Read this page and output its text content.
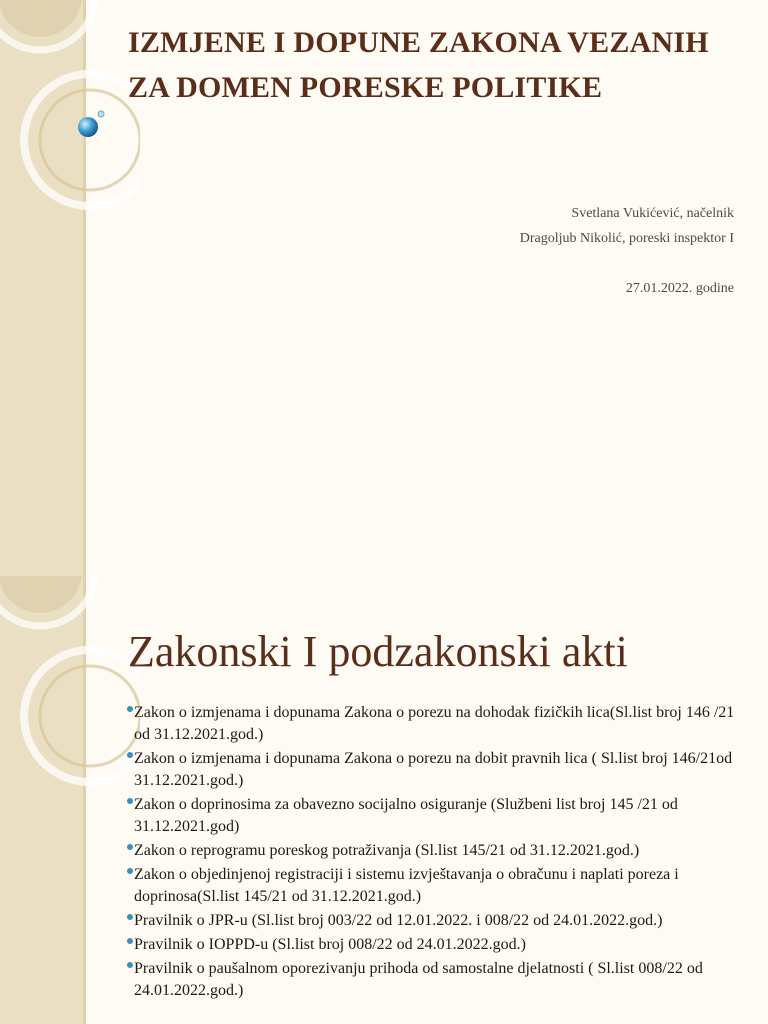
IZMJENE I DOPUNE ZAKONA VEZANIH ZA DOMEN PORESKE POLITIKE
Svetlana Vukićević, načelnik
Dragoljub Nikolić, poreski inspektor I
27.01.2022. godine
Zakonski I podzakonski akti
Zakon o izmjenama i dopunama Zakona o porezu na dohodak fizičkih lica(Sl.list broj 146 /21 od 31.12.2021.god.)
Zakon o izmjenama i dopunama Zakona o porezu na dobit pravnih lica ( Sl.list broj 146/21od 31.12.2021.god.)
Zakon o doprinosima za obavezno socijalno osiguranje (Službeni list broj 145 /21 od 31.12.2021.god)
Zakon o reprogramu poreskog potraživanja (Sl.list 145/21 od 31.12.2021.god.)
Zakon o objedinjenoj registraciji i sistemu izvještavanja o obračunu i naplati poreza i doprinosa(Sl.list 145/21 od 31.12.2021.god.)
Pravilnik o JPR-u (Sl.list broj 003/22 od 12.01.2022. i 008/22 od 24.01.2022.god.)
Pravilnik o IOPPD-u (Sl.list broj 008/22 od 24.01.2022.god.)
Pravilnik o paušalnom oporezivanju prihoda od samostalne djelatnosti ( Sl.list 008/22 od 24.01.2022.god.)
